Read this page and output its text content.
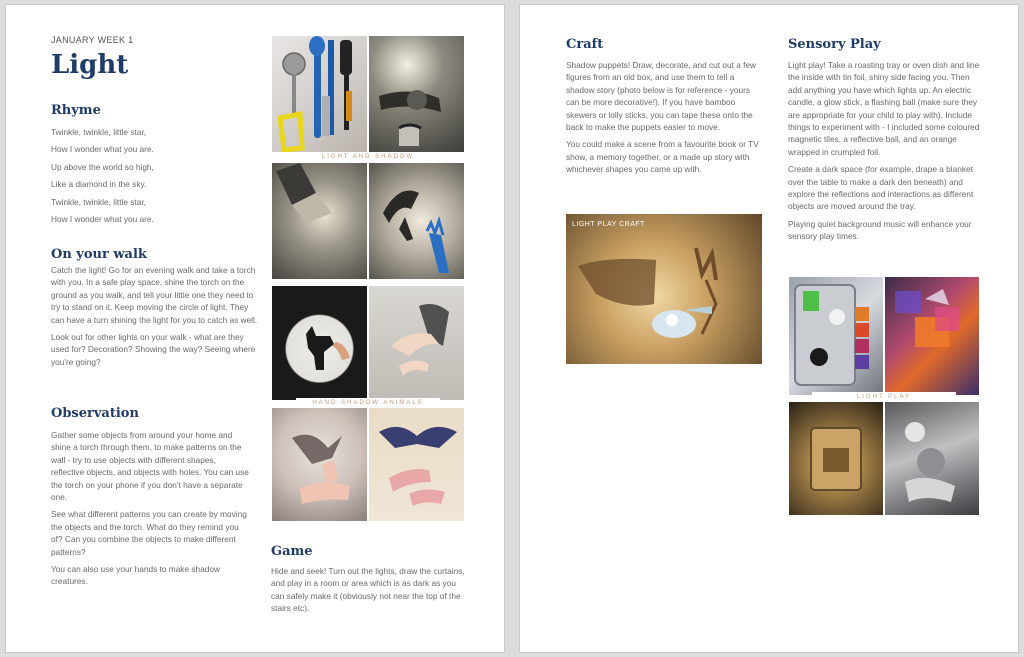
JANUARY WEEK 1
Light
Rhyme
Twinkle, twinkle, little star,
How I wonder what you are.
Up above the world so high,
Like a diamond in the sky.
Twinkle, twinkle, little star,
How I wonder what you are.
On your walk

Catch the light! Go for an evening walk and take a torch with you. In a safe play space, shine the torch on the ground as you walk, and tell your little one they need to try to stand on it. Keep moving the circle of light. They can have a turn shining the light for you to catch as well.

Look out for other lights on your walk - what are they used for? Decoration? Showing the way? Seeing where you're going?

Observation

Gather some objects from around your home and shine a torch through them, to make patterns on the wall - try to use objects with different shapes, reflective objects, and objects with holes. You can use the torch on your phone if you don't have a separate one.

See what different patterns you can create by moving the objects and the torch. What do they remind you of? Can you combine the objects to make different patterns?

You can also use your hands to make shadow creatures.

LIGHT AND SHADOW
HAND SHADOW ANIMALS
Game

Hide and seek! Turn out the lights, draw the curtains, and play in a room or area which is as dark as you can safely make it (obviously not near the top of the stairs etc).

Craft

Shadow puppets! Draw, decorate, and cut out a few figures from an old box, and use them to tell a shadow story (photo below is for reference - yours can be more decorative!). If you have bamboo skewers or lolly sticks, you can tape these onto the back to make the puppets easier to move.

You could make a scene from a favourite book or TV show, a memory together, or a made up story with whichever shapes you came up with.

LIGHT PLAY CRAFT
Sensory Play

Light play! Take a roasting tray or oven dish and line the inside with tin foil, shiny side facing you. Then add anything you have which lights up. An electric candle, a glow stick, a flashing ball (make sure they are appropriate for your child to play with). Include things to experiment with - I included some coloured magnetic tiles, a reflective ball, and an orange wrapped in crumpled foil.

Create a dark space (for example, drape a blanket over the table to make a dark den beneath) and explore the reflections and interactions as different objects are moved around the tray.

Playing quiet background music will enhance your sensory play times.

LIGHT PLAY
